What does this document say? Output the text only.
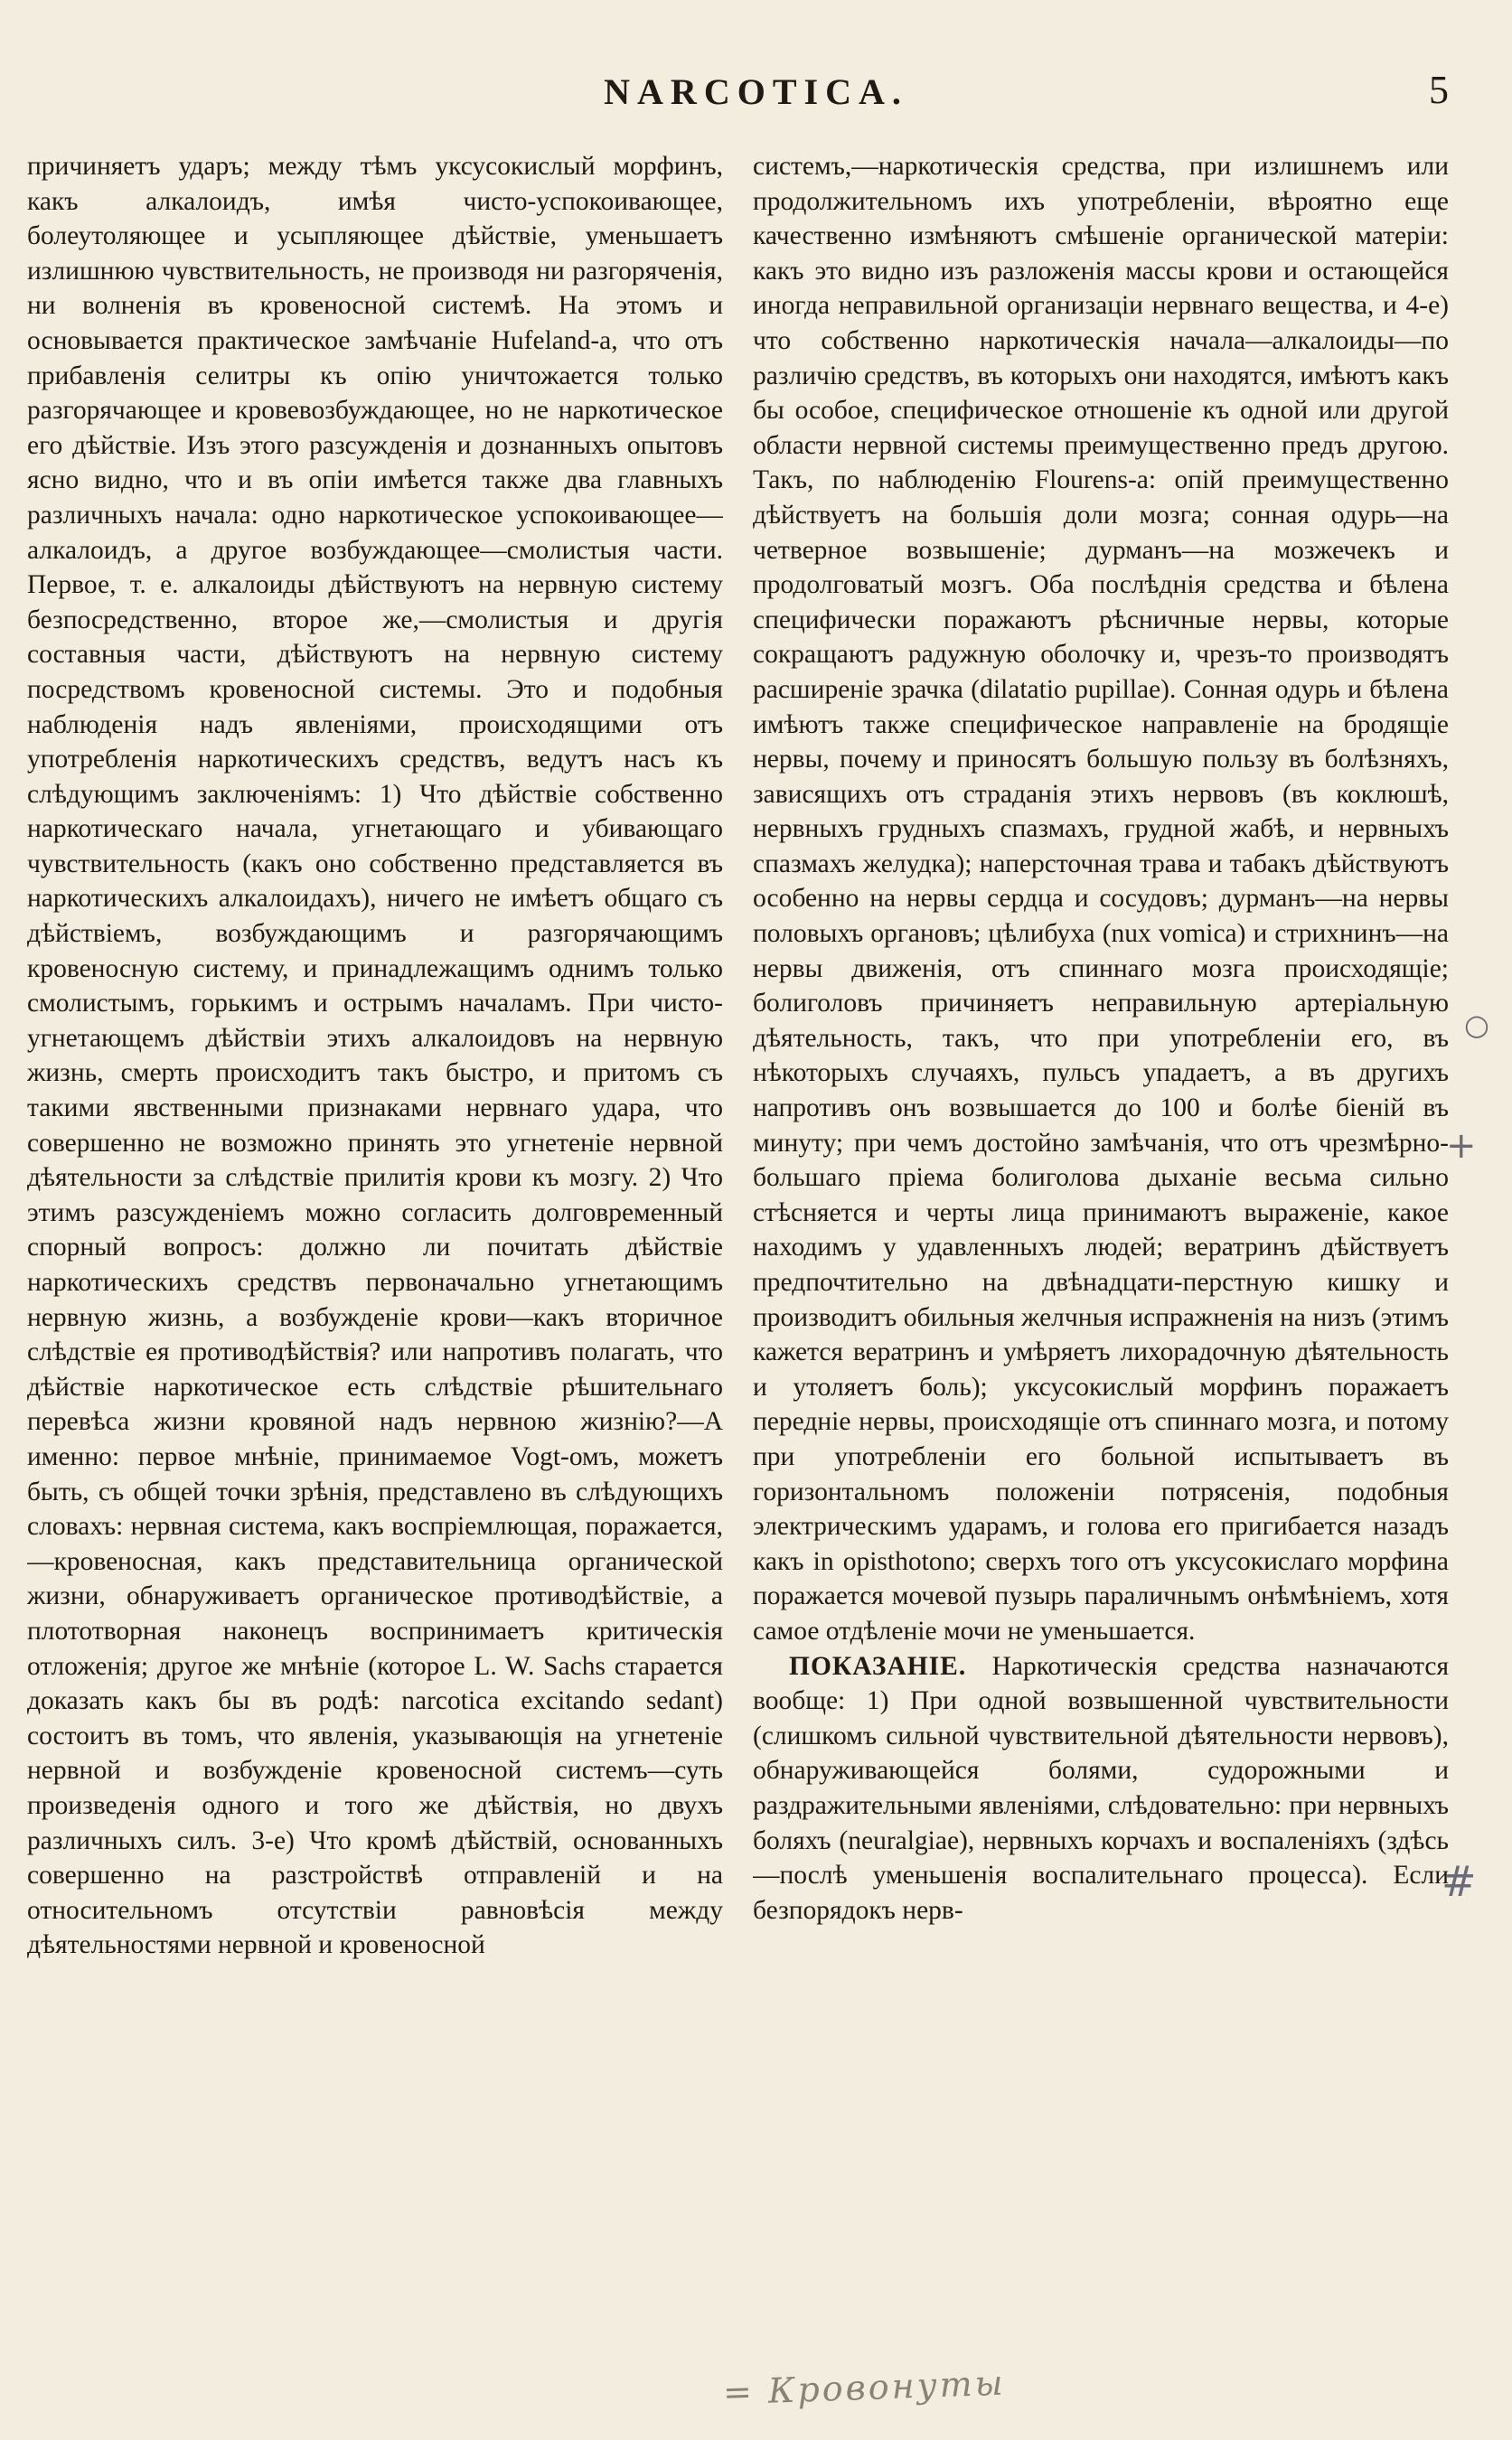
NARCOTICA.	5

причиняетъ ударъ; между тѣмъ уксусокислый морфинъ, какъ алкалоидъ, имѣя чисто-успокоивающее, болеутоляющее и усыпляющее дѣйствіе, уменьшаетъ излишнюю чувствительность, не производя ни разгоряченія, ни волненія въ кровеносной системѣ. На этомъ и основывается практическое замѣчаніе Hufeland-а, что отъ прибавленія селитры къ опію уничтожается только разгорячающее и кровевозбуждающее, но не наркотическое его дѣйствіе. Изъ этого разсужденія и дознанныхъ опытовъ ясно видно, что и въ опіи имѣется также два главныхъ различныхъ начала: одно наркотическое успокоивающее—алкалоидъ, а другое возбуждающее—смолистыя части. Первое, т. е. алкалоиды дѣйствуютъ на нервную систему безпосредственно, второе же,—смолистыя и другія составныя части, дѣйствуютъ на нервную систему посредствомъ кровеносной системы. Это и подобныя наблюденія надъ явленіями, происходящими отъ употребленія наркотическихъ средствъ, ведутъ насъ къ слѣдующимъ заключеніямъ: 1) Что дѣйствіе собственно наркотическаго начала, угнетающаго и убивающаго чувствительность (какъ оно собственно представляется въ наркотическихъ алкалоидахъ), ничего не имѣетъ общаго съ дѣйствіемъ, возбуждающимъ и разгорячающимъ кровеносную систему, и принадлежащимъ однимъ только смолистымъ, горькимъ и острымъ началамъ. При чисто-угнетающемъ дѣйствіи этихъ алкалоидовъ на нервную жизнь, смерть происходитъ такъ быстро, и притомъ съ такими явственными признаками нервнаго удара, что совершенно не возможно принять это угнетеніе нервной дѣятельности за слѣдствіе прилитія крови къ мозгу. 2) Что этимъ разсужденіемъ можно согласить долговременный спорный вопросъ: должно ли почитать дѣйствіе наркотическихъ средствъ первоначально угнетающимъ нервную жизнь, а возбужденіе крови—какъ вторичное слѣдствіе ея противодѣйствія? или напротивъ полагать, что дѣйствіе наркотическое есть слѣдствіе рѣшительнаго перевѣса жизни кровяной надъ нервною жизнію?—А именно: первое мнѣніе, принимаемое Vogt-омъ, можетъ быть, съ общей точки зрѣнія, представлено въ слѣдующихъ словахъ: нервная система, какъ воспріемлющая, поражается,—кровеносная, какъ представительница органической жизни, обнаруживаетъ органическое противодѣйствіе, а плототворная наконецъ воспринимаетъ критическія отложенія; другое же мнѣніе (которое L. W. Sachs старается доказать какъ бы въ родѣ: narcotica excitando sedant) состоитъ въ томъ, что явленія, указывающія на угнетеніе нервной и возбужденіе кровеносной системъ—суть произведенія одного и того же дѣйствія, но двухъ различныхъ силъ. 3-е) Что кромѣ дѣйствій, основанныхъ совершенно на разстройствѣ отправленій и на относительномъ отсутствіи равновѣсія между дѣятельностями нервной и кровеносной

системъ,—наркотическія средства, при излишнемъ или продолжительномъ ихъ употребленіи, вѣроятно еще качественно измѣняютъ смѣшеніе органической матеріи: какъ это видно изъ разложенія массы крови и остающейся иногда неправильной организаціи нервнаго вещества, и 4-е) что собственно наркотическія начала—алкалоиды—по различію средствъ, въ которыхъ они находятся, имѣютъ какъ бы особое, специфическое отношеніе къ одной или другой области нервной системы преимущественно предъ другою. Такъ, по наблюденію Flourens-а: опій преимущественно дѣйствуетъ на большія доли мозга; сонная одурь—на четверное возвышеніе; дурманъ—на мозжечекъ и продолговатый мозгъ. Оба послѣднія средства и бѣлена специфически поражаютъ рѣсничные нервы, которые сокращаютъ радужную оболочку и, чрезъ-то производятъ расширеніе зрачка (dilatatio pupillae). Сонная одурь и бѣлена имѣютъ также специфическое направленіе на бродящіе нервы, почему и приносятъ большую пользу въ болѣзняхъ, зависящихъ отъ страданія этихъ нервовъ (въ коклюшѣ, нервныхъ грудныхъ спазмахъ, грудной жабѣ, и нервныхъ спазмахъ желудка); наперсточная трава и табакъ дѣйствуютъ особенно на нервы сердца и сосудовъ; дурманъ—на нервы половыхъ органовъ; цѣлибуха (nux vomica) и стрихнинъ—на нервы движенія, отъ спиннаго мозга происходящіе; болиголовъ причиняетъ неправильную артеріальную дѣятельность, такъ, что при употребленіи его, въ нѣкоторыхъ случаяхъ, пульсъ упадаетъ, а въ другихъ напротивъ онъ возвышается до 100 и болѣе біеній въ минуту; при чемъ достойно замѣчанія, что отъ чрезмѣрно-большаго пріема болиголова дыханіе весьма сильно стѣсняется и черты лица принимаютъ выраженіе, какое находимъ у удавленныхъ людей; вератринъ дѣйствуетъ предпочтительно на двѣнадцати-перстную кишку и производитъ обильныя желчныя испражненія на низъ (этимъ кажется вератринъ и умѣряетъ лихорадочную дѣятельность и утоляетъ боль); уксусокислый морфинъ поражаетъ передніе нервы, происходящіе отъ спиннаго мозга, и потому при употребленіи его больной испытываетъ въ горизонтальномъ положеніи потрясенія, подобныя электрическимъ ударамъ, и голова его пригибается назадъ какъ in opisthotono; сверхъ того отъ уксусокислаго морфина поражается мочевой пузырь параличнымъ онѣмѣніемъ, хотя самое отдѣленіе мочи не уменьшается.

ПОКАЗАНІЕ. Наркотическія средства назначаются вообще: 1) При одной возвышенной чувствительности (слишкомъ сильной чувствительной дѣятельности нервовъ), обнаруживающейся болями, судорожными и раздражительными явленіями, слѣдовательно: при нервныхъ боляхъ (neuralgiae), нервныхъ корчахъ и воспаленіяхъ (здѣсь—послѣ уменьшенія воспалительнаго процесса). Если безпорядокъ нерв-

= Кровонуты
+
#
○
